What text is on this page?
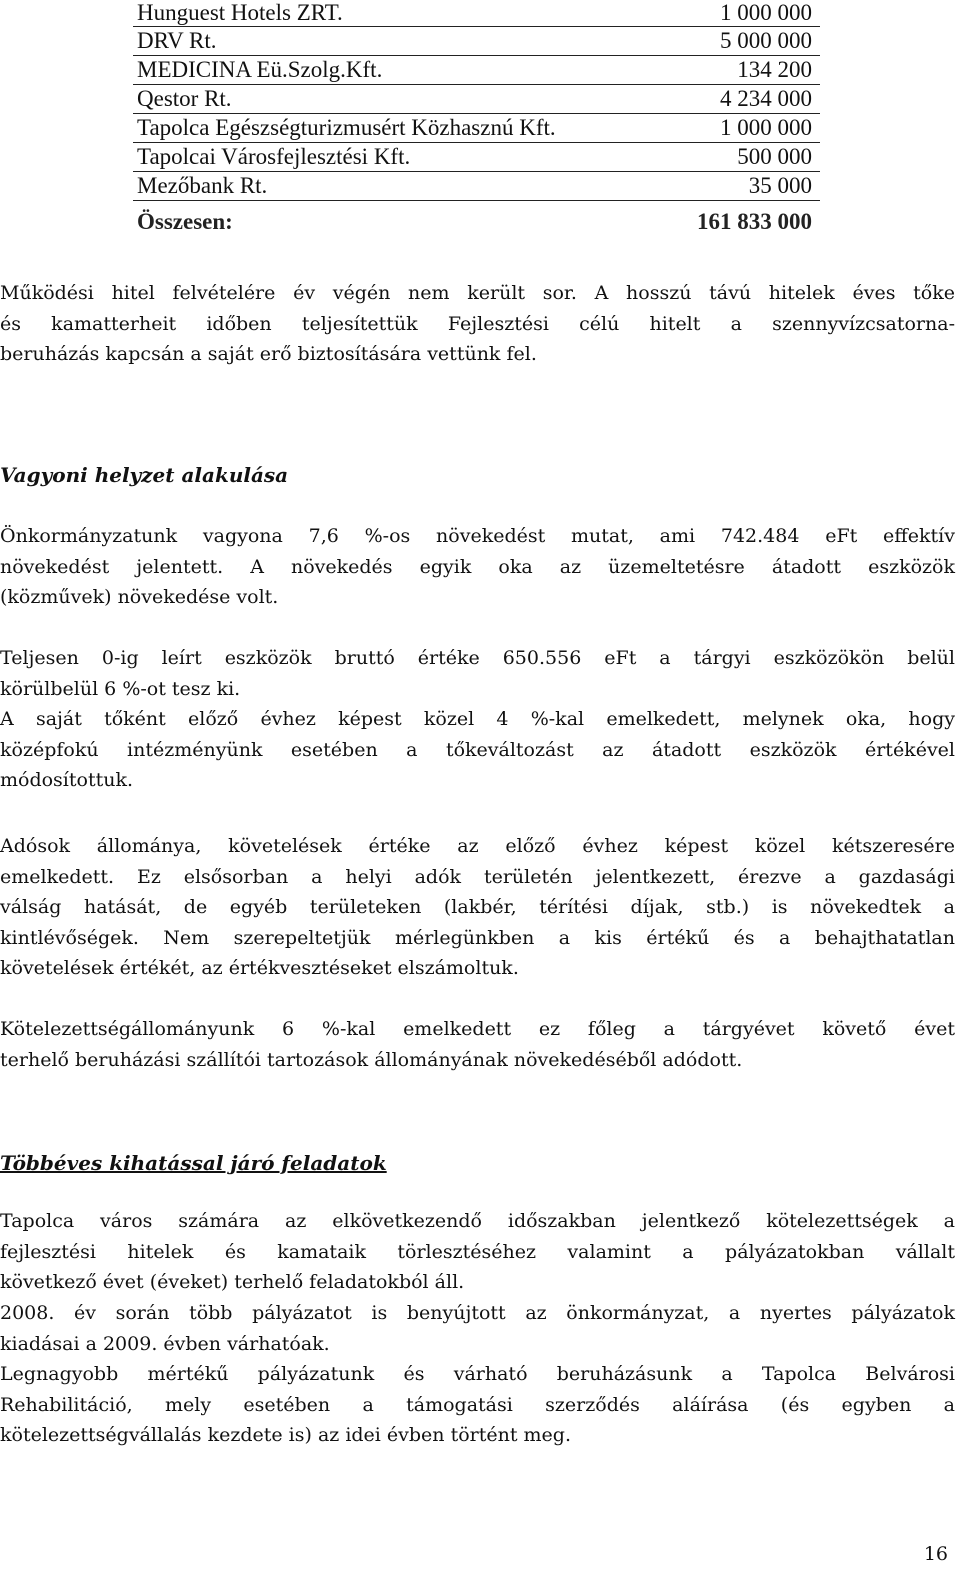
Hunguest Hotels ZRT.	1 000 000
DRV Rt.	5 000 000
MEDICINA Eü.Szolg.Kft.	134 200
Qestor Rt.	4 234 000
Tapolca Egészségturizmusért Közhasznú Kft.	1 000 000
Tapolcai Városfejlesztési Kft.	500 000
Mezőbank Rt.	35 000
Összesen:	161 833 000
Működési hitel felvételére év végén nem került sor. A hosszú távú hitelek éves tőke
és kamatterheit időben teljesítettük Fejlesztési célú hitelt a szennyvízcsatorna-
beruházás kapcsán a saját erő biztosítására vettünk fel.
Vagyoni helyzet alakulása
Önkormányzatunk vagyona 7,6 %-os növekedést mutat, ami 742.484 eFt effektív
növekedést jelentett. A növekedés egyik oka az üzemeltetésre átadott eszközök
(közművek) növekedése volt.
Teljesen 0-ig leírt eszközök bruttó értéke 650.556 eFt a tárgyi eszközökön belül
körülbelül 6 %-ot tesz ki.
A saját tőként előző évhez képest közel 4 %-kal emelkedett, melynek oka, hogy
középfokú intézményünk esetében a tőkeváltozást az átadott eszközök értékével
módosítottuk.
Adósok állománya, követelések értéke az előző évhez képest közel kétszeresére
emelkedett. Ez elsősorban a helyi adók területén jelentkezett, érezve a gazdasági
válság hatását, de egyéb területeken (lakbér, térítési díjak, stb.) is növekedtek a
kintlévőségek. Nem szerepeltetjük mérlegünkben a kis értékű és a behajthatatlan
követelések értékét, az értékvesztéseket elszámoltuk.
Kötelezettségállományunk 6 %-kal emelkedett ez főleg a tárgyévet követő évet
terhelő beruházási szállítói tartozások állományának növekedéséből adódott.
Többéves kihatással járó feladatok
Tapolca város számára az elkövetkezendő időszakban jelentkező kötelezettségek a
fejlesztési hitelek és kamataik törlesztéséhez valamint a pályázatokban vállalt
következő évet (éveket) terhelő feladatokból áll.
2008. év során több pályázatot is benyújtott az önkormányzat, a nyertes pályázatok
kiadásai a 2009. évben várhatóak.
Legnagyobb mértékű pályázatunk és várható beruházásunk a Tapolca Belvárosi
Rehabilitáció, mely esetében a támogatási szerződés aláírása (és egyben a
kötelezettségvállalás kezdete is) az idei évben történt meg.
16
